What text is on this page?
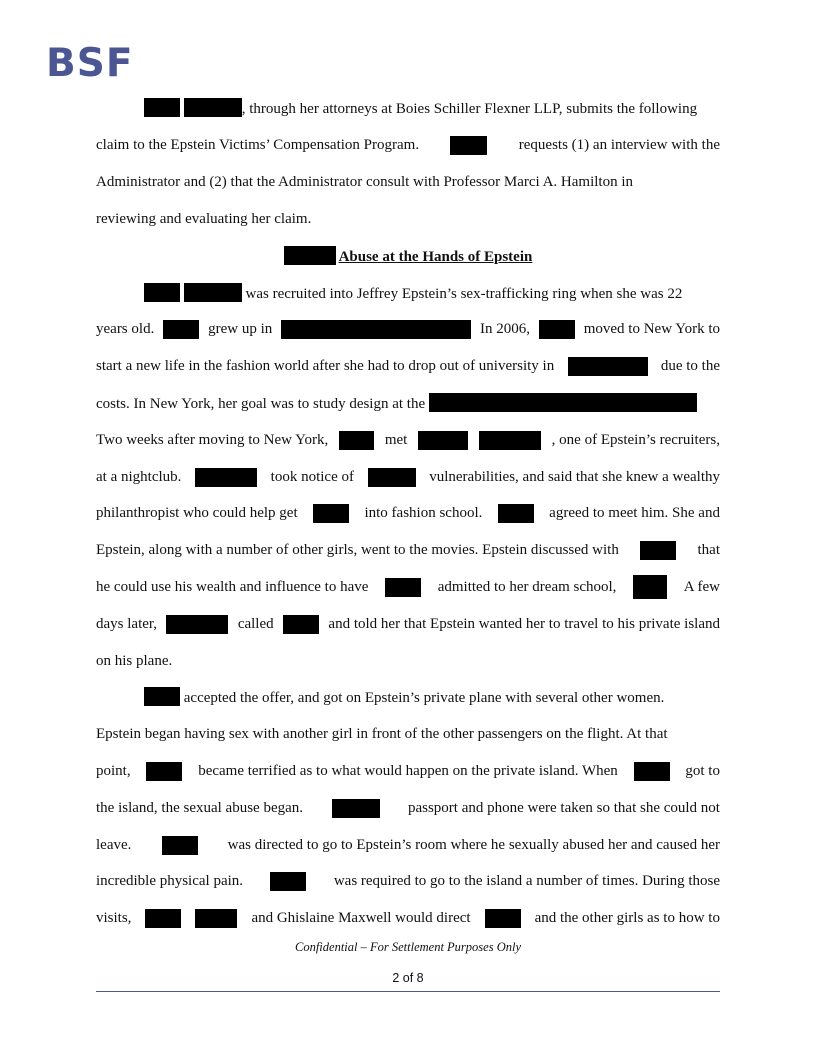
BSF
, through her attorneys at Boies Schiller Flexner LLP, submits the following
claim to the Epstein Victims’ Compensation Program.	requests (1) an interview with the
Administrator and (2) that the Administrator consult with Professor Marci A. Hamilton in
reviewing and evaluating her claim.
Abuse at the Hands of Epstein
was recruited into Jeffrey Epstein’s sex-trafficking ring when she was 22
years old.	grew up in	In 2006,	moved to New York to
start a new life in the fashion world after she had to drop out of university in	due to the
costs. In New York, her goal was to study design at the
Two weeks after moving to New York,	met	, one of Epstein’s recruiters,
at a nightclub.	took notice of	vulnerabilities, and said that she knew a wealthy
philanthropist who could help get	into fashion school.	agreed to meet him. She and
Epstein, along with a number of other girls, went to the movies. Epstein discussed with	that
he could use his wealth and influence to have	admitted to her dream school,	A few
days later,	called	and told her that Epstein wanted her to travel to his private island
on his plane.
accepted the offer, and got on Epstein’s private plane with several other women.
Epstein began having sex with another girl in front of the other passengers on the flight. At that
point,	became terrified as to what would happen on the private island. When	got to
the island, the sexual abuse began.	passport and phone were taken so that she could not
leave.	was directed to go to Epstein’s room where he sexually abused her and caused her
incredible physical pain.	was required to go to the island a number of times. During those
visits,	and Ghislaine Maxwell would direct	and the other girls as to how to
Confidential – For Settlement Purposes Only
2 of 8
